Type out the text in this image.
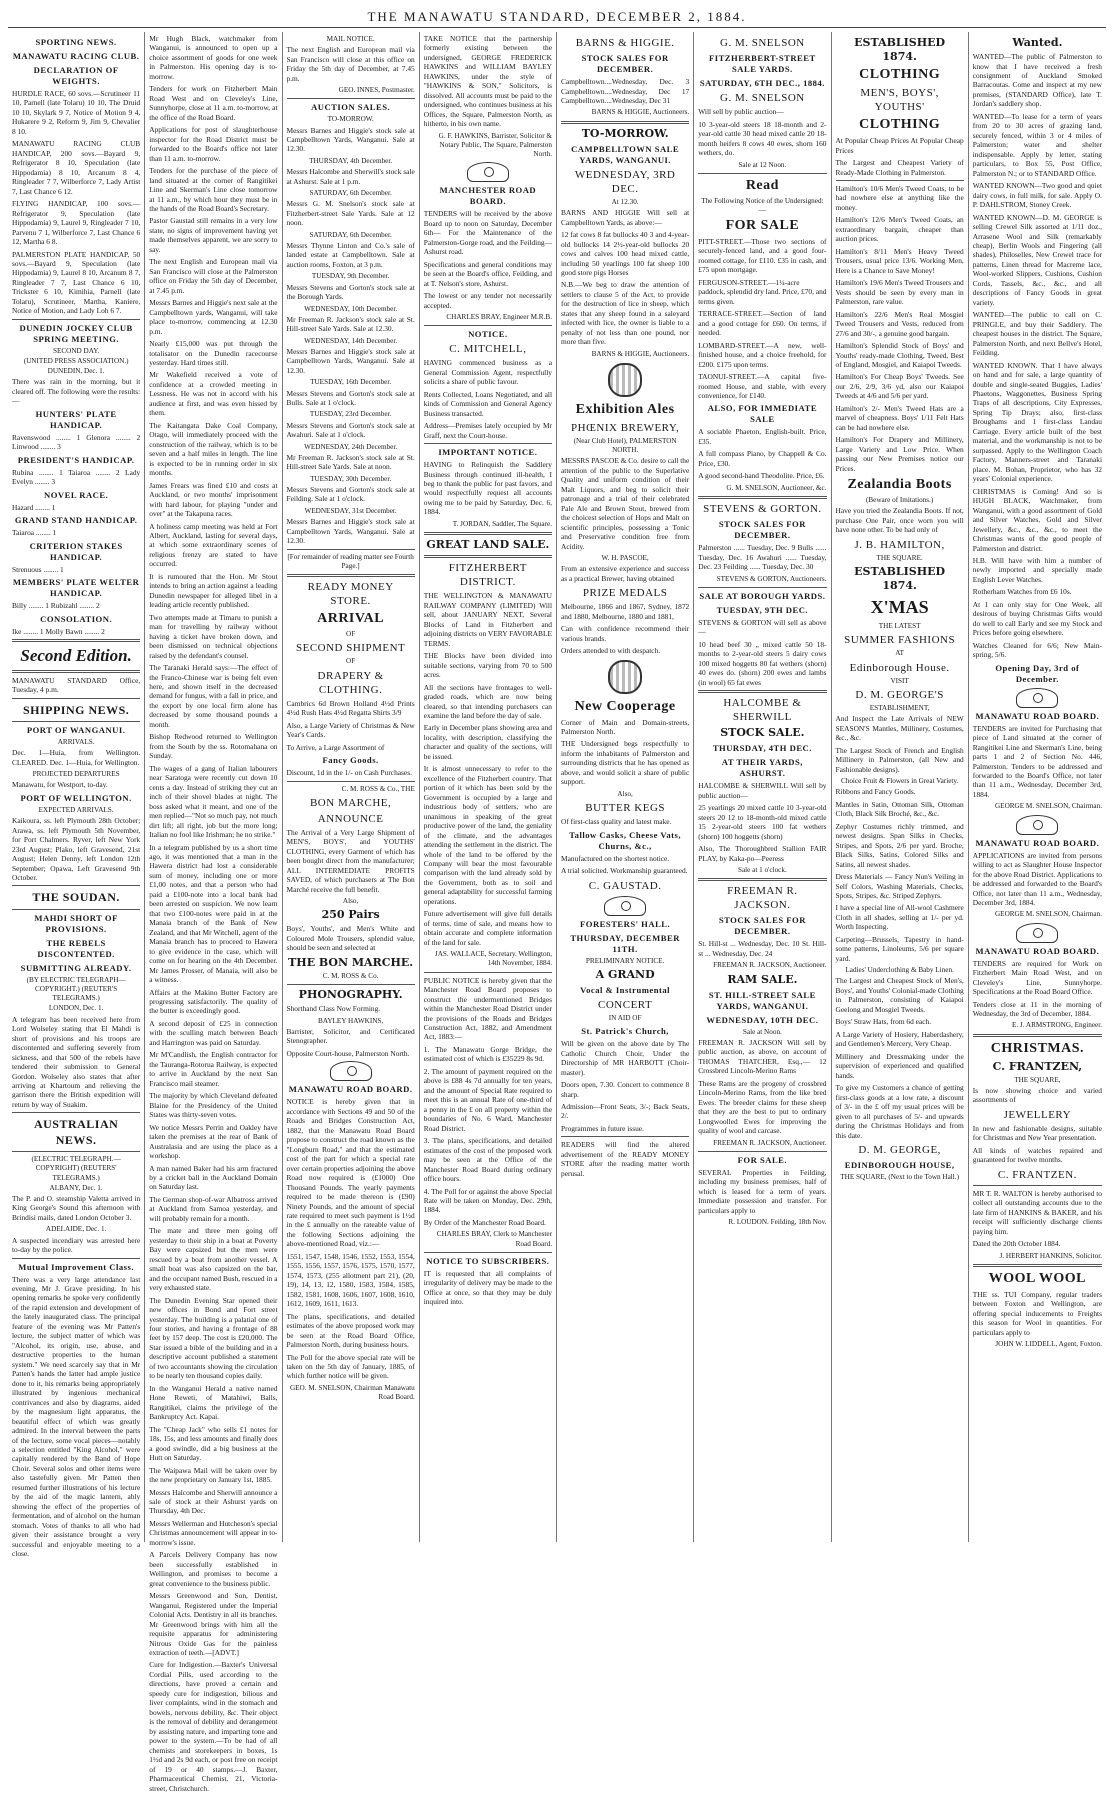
THE MANAWATU STANDARD, DECEMBER 2, 1884.
SPORTING NEWS.
MANAWATU RACING CLUB.
DECLARATION OF WEIGHTS.
HURDLE RACE, 60 sovs.—Scrutineer 11 10, Parnell (late Tolaru) 10 10, The Druid 10 10, Skylark 9 7, Notice of Motion 9 4, Hukarere 9 2, Reform 9, Jim 9, Chevalier 8 10.
MANAWATU RACING CLUB HANDICAP, 200 sovs.—Bayard 9, Refrigerator 8 10, Speculation (late Hippodamia) 8 10, Arcanum 8 4, Ringleader 7 7, Wilberforce 7, Lady Artist 7, Last Chance 6 12.
FLYING HANDICAP, 100 sovs.—Refrigerator 9, Speculation (late Hippodamia) 9, Laurel 9, Ringleader 7 10, Parvenu 7 1, Wilberforce 7, Last Chance 6 12, Martha 6 8.
PALMERSTON PLATE HANDICAP, 50 sovs.—Bayard 9, Speculation (late Hippodamia) 9, Laurel 8 10, Arcanum 8 7, Ringleader 7 7, Last Chance 6 10, Trickster 6 10, Kimihia, Parnell (late Tolaru), Scrutineer, Martha, Kaniere, Notice of Motion, and Lady Loh 6 7.
DUNEDIN JOCKEY CLUB SPRING MEETING.
SECOND DAY.
(UNITED PRESS ASSOCIATION.)
DUNEDIN, Dec. 1.
There was rain in the morning, but it cleared off. The following were the results:—
HUNTERS' PLATE HANDICAP.
Ravenswood ........ 1 Glenora ........ 2 Linwood ........ 3
PRESIDENT'S HANDICAP.
Rubina ........ 1 Taiaroa ........ 2 Lady Evelyn ........ 3
NOVEL RACE.
Hazard ........ 1
GRAND STAND HANDICAP.
Taiaroa ........ 1
CRITERION STAKES HANDICAP.
Strenuous ........ 1
MEMBERS' PLATE WELTER HANDICAP.
Billy ........ 1 Rubizahl ........ 2
CONSOLATION.
Ike ........ 1 Molly Bawn ........ 2
Second Edition.
MANAWATU STANDARD Office, Tuesday, 4 p.m.
SHIPPING NEWS.
PORT OF WANGANUI.
ARRIVALS.
Dec. 1—Huia, from Wellington. CLEARED. Dec. 1—Huia, for Wellington.
PROJECTED DEPARTURES
Manawatu, for Westport, to-day.
PORT OF WELLINGTON.
EXPECTED ARRIVALS.
Kaikoura, ss. left Plymouth 28th October; Arawa, ss. left Plymouth 5th November, for Port Chalmers. Ryver, left New York 23rd August; Plako, left Gravesend, 21st August; Helen Denny, left London 12th September; Opawa, Left Gravesend 9th October.
THE SOUDAN.
MAHDI SHORT OF PROVISIONS.
THE REBELS DISCONTENTED.
SUBMITTING ALREADY.
(BY ELECTRIC TELEGRAPH—COPYRIGHT.) (REUTER'S TELEGRAMS.)
LONDON, Dec. 1.
A telegram has been received here from Lord Wolseley stating that El Mahdi is short of provisions and his troops are discontented and suffering severely from sickness, and that 500 of the rebels have tendered their submission to General Gordon. Wolseley also states that after arriving at Khartoum and relieving the garrison there the British expedition will return by way of Suakim.
AUSTRALIAN NEWS.
(ELECTRIC TELEGRAPH.—COPYRIGHT) (REUTERS' TELEGRAMS.)
ALBANY, Dec. 1.
The P. and O. steamship Valetta arrived in King George's Sound this afternoon with Brindisi mails, dated London October 3.
ADELAIDE, Dec. 1.
A suspected incendiary was arrested here to-day by the police.
Mutual Improvement Class.
There was a very large attendance last evening, Mr J. Grave presiding. In his opening remarks he spoke very confidently of the rapid extension and development of the lately inaugurated class. The principal feature of the evening was Mr Patten's lecture, the subject matter of which was "Alcohol, its origin, use, abuse, and destructive properties to the human system." We need scarcely say that in Mr Patten's hands the latter had ample justice done to it, his remarks being appropriately illustrated by ingenious mechanical contrivances and also by diagrams, aided by the magnesium light apparatus, the beautiful effect of which was greatly admired. In the interval between the parts of the lecture, some vocal pieces—notably a selection entitled "King Alcohol," were capitally rendered by the Band of Hope Choir. Several solos and other items were also tastefully given. Mr Patten then resumed further illustrations of his lecture by the aid of the magic lantern, ably showing the effect of the properties of fermentation, and of alcohol on the human stomach. Votes of thanks to all who had given their assistance brought a very successful and enjoyable meeting to a close.
Mr Hugh Black, watchmaker from Wanganui, is announced to open up a choice assortment of goods for one week in Palmerston. His opening day is to-morrow.
Tenders for work on Fitzherbert Main Road West and on Cleveley's Line, Sunnyhorpe, close at 11 a.m. to-morrow, at the office of the Road Board.
Applications for post of slaughterhouse inspector for the Road District must be forwarded to the Board's office not later than 11 a.m. to-morrow.
Tenders for the purchase of the piece of land situated at the corner of Rangitikei Line and Skerman's Line close tomorrow at 11 a.m., by which hour they must be in the hands of the Road Board's Secretary.
Pastor Gaustad still remains in a very low state, no signs of improvement having yet made themselves apparent, we are sorry to say.
The next English and European mail via San Francisco will close at the Palmerston office on Friday the 5th day of December, at 7.45 p.m.
Messrs Barnes and Higgie's next sale at the Campbelltown yards, Wanganui, will take place to-morrow, commencing at 12.30 p.m.
Nearly £15,000 was put through the totalisator on the Dunedin racecourse yesterday. Hard times still.
Mr Wakefield received a vote of confidence at a crowded meeting in Lessness. He was not in accord with his audience at first, and was even hissed by them.
The Kaitangata Dake Coal Company, Otago, will immediately proceed with the construction of the railway, which is to be seven and a half miles in length. The line is expected to be in running order in six months.
James Frears was fined £10 and costs at Auckland, or two months' imprisonment with hard labour, for playing "under and over" at the Takapuna races.
A holiness camp meeting was held at Fort Albert, Auckland, lasting for several days, at which some extraordinary scenes of religious frenzy are stated to have occurred.
It is rumoured that the Hon. Mr Stout intends to bring an action against a leading Dunedin newspaper for alleged libel in a leading article recently published.
Two attempts made at Timaru to punish a man for travelling by railway without having a ticket have broken down, and been dismissed on technical objections raised by the defendant's counsel.
The Taranaki Herald says:—The effect of the Franco-Chinese war is being felt even here, and shown itself in the decreased demand for fungus, with a fall in price, and the export by one local firm alone has decreased by some thousand pounds a month.
Bishop Redwood returned to Wellington from the South by the ss. Rotomahana on Sunday.
The wages of a gang of Italian labourers near Saratoga were recently cut down 10 cents a day. Instead of striking they cut an inch of their shovel blades at night. The boss asked what it meant, and one of the men replied—"Not so much pay, not much dirt lift; all right, job but the more long; Italian no fool like Irishman; he no strike."
In a telegram published by us a short time ago, it was mentioned that a man in the Hawera district had lost a considerable sum of money, including one or more £1,00 notes, and that a person who had paid a £100-note into a local bank had been arrested on suspicion. We now learn that two £100-notes were paid in at the Manaia branch of the Bank of New Zealand, and that Mr Witchell, agent of the Manaia branch has to proceed to Hawera to give evidence in the case, which will come on for hearing on the 4th December. Mr James Prosser, of Manaia, will also be a witness.
Affairs at the Makino Butter Factory are progressing satisfactorily. The quality of the butter is exceedingly good.
A second deposit of £25 in connection with the sculling match between Beach and Harrington was paid on Saturday.
Mr M'Candlish, the English contractor for the Tauranga-Rotorua Railway, is expected to arrive in Auckland by the next San Francisco mail steamer.
The majority by which Cleveland defeated Blaine for the Presidency of the United States was thirty-seven votes.
We notice Messrs Perrin and Oakley have taken the premises at the rear of Bank of Australasia and are using the place as a workshop.
A man named Baker had his arm fractured by a cricket ball in the Auckland Domain on Saturday last.
The German shop-of-war Albatross arrived at Auckland from Samoa yesterday, and will probably remain for a month.
The mate and three men going off yesterday to their ship in a boat at Poverty Bay were capsized but the men were rescued by a boat from another vessel. A small boat was also capsized on the bar, and the occupant named Bush, rescued in a very exhausted state.
The Dunedin Evening Star opened their new offices in Bond and Fort street yesterday. The building is a palatial one of four stories, and having a frontage of 88 feet by 157 deep. The cost is £20,000. The Star issued a bible of the building and in a descriptive account published a statement of two accountants showing the circulation to be nearly ten thousand copies daily.
In the Wanganui Herald a native named Hone Reweti, of Matahiwi, Balls, Rangitikei, claims the privilege of the Bankruptcy Act. Kapai.
The "Cheap Jack" who sells £1 notes for 18s, 15s, and less amounts and finally does a good swindle, did a big business at the Hutt on Saturday.
The Waipawa Mail will be taken over by the new proprietary on January 1st, 1885.
Messrs Halcombe and Sherwill announce a sale of stock at their Ashurst yards on Thursday, 4th Dec.
Messrs Wellerman and Hutcheson's special Christmas announcement will appear in to-morrow's issue.
A Parcels Delivery Company has now been successfully established in Wellington, and promises to become a great convenience to the business public.
Messrs Greenwood and Son, Dentist, Wanganui, Registered under the Imperial Colonial Acts. Dentistry in all its branches. Mr Greenwood brings with him all the requisite apparatus for administering Nitrous Oxide Gas for the painless extraction of teeth.—[ADVT.]
Cure for Indigestion.—Baxter's Universal Cordial Pills, used according to the directions, have proved a certain and speedy cure for indigestion, bilious and liver complaints, wind in the stomach and bowels, nervous debility, &c. Their object is the removal of debility and derangement by assisting nature, and imparting tone and power to the system.—To be had of all chemists and storekeepers in boxes, 1s 1½d and 2s 9d each, or post free on receipt of 19 or 40 stamps.—J. Baxter, Pharmaceutical Chemist, 21, Victoria-street, Christchurch.
MAIL NOTICE.
The next English and European mail via San Francisco will close at this office on Friday the 5th day of December, at 7.45 p.m.
GEO. INNES, Postmaster.
AUCTION SALES.
TO-MORROW.
Messrs Barnes and Higgie's stock sale at Campbelltown Yards, Wanganui. Sale at 12.30.
THURSDAY, 4th December.
Messrs Halcombe and Sherwill's stock sale at Ashurst. Sale at 1 p.m.
SATURDAY, 6th December.
Messrs G. M. Snelson's stock sale at Fitzherbert-street Sale Yards. Sale at 12 noon.
SATURDAY, 6th December.
Messrs Thynne Linton and Co.'s sale of landed estate at Campbelltown. Sale at auction rooms, Foxton, at 3 p.m.
TUESDAY, 9th December.
Messrs Stevens and Gorton's stock sale at the Borough Yards.
WEDNESDAY, 10th December.
Mr Freeman R. Jackson's stock sale at St. Hill-street Sale Yards. Sale at 12.30.
WEDNESDAY, 14th December.
Messrs Barnes and Higgie's stock sale at Campbelltown Yards, Wanganui. Sale at 12.30.
TUESDAY, 16th December.
Messrs Stevens and Gorton's stock sale at Bulls. Sale at 1 o'clock.
TUESDAY, 23rd December.
Messrs Stevens and Gorton's stock sale at Awahuri. Sale at 1 o'clock.
WEDNESDAY, 24th December.
Mr Freeman R. Jackson's stock sale at St. Hill-street Sale Yards. Sale at noon.
TUESDAY, 30th December.
Messrs Stevens and Gorton's stock sale at Feilding. Sale at 1 o'clock.
WEDNESDAY, 31st December.
Messrs Barnes and Higgie's stock sale at Campbelltown Yards, Wanganui. Sale at 12.30.
[For remainder of reading matter see Fourth Page.]
READY MONEY STORE.
ARRIVAL
OF
SECOND SHIPMENT
OF
DRAPERY & CLOTHING.
Cambrics 6d Brown Holland 4½d Prints 4½d Rush Hats 4½d Regatta Shirts 3/9
Also, a Large Variety of Christmas & New Year's Cards.
To Arrive, a Large Assortment of
Fancy Goods.
Discount, 1d in the 1/- on Cash Purchases.
C. M. ROSS & Co., THE
BON MARCHE,
ANNOUNCE
The Arrival of a Very Large Shipment of MEN'S, BOYS', and YOUTHS' CLOTHING, every Garment of which has been bought direct from the manufacturer; ALL INTERMEDIATE PROFITS SAVED, of which purchasers at The Bon Marché receive the full benefit.
Also,
250 Pairs
Boys', Youths', and Men's White and Coloured Mole Trousers, splendid value, should be seen and selected at
THE BON MARCHE.
C. M. ROSS & Co.
PHONOGRAPHY.
Shorthand Class Now Forming.
BAYLEY HAWKINS,
Barrister, Solicitor, and Certificated Stenographer.
Opposite Court-house, Palmerston North.
MANAWATU ROAD BOARD.
NOTICE is hereby given that in accordance with Sections 49 and 50 of the Roads and Bridges Construction Act, 1882, that the Manawatu Road Board propose to construct the road known as the "Longburn Road," and that the estimated cost of the part for which a special rate over certain properties adjoining the above Road now required is (£1000) One Thousand Pounds. The yearly payments required to be made thereon is (£90) Ninety Pounds, and the amount of special rate required to meet such payment is 1½d in the £ annually on the rateable value of the following Sections adjoining the above-mentioned Road, viz.:—
1551, 1547, 1548, 1546, 1552, 1553, 1554, 1555, 1556, 1557, 1576, 1575, 1570, 1577, 1574, 1573, (255 allotment part 21), (20, 19), 14, 13, 12, 1580, 1583, 1584, 1585, 1582, 1581, 1608, 1606, 1607, 1608, 1610, 1612, 1609, 1611, 1613.
The plans, specifications, and detailed estimates of the above proposed work may be seen at the Road Board Office, Palmerston North, during business hours.
The Poll for the above special rate will be taken on the 5th day of January, 1885, of which further notice will be given.
GEO. M. SNELSON, Chairman Manawatu Road Board.
TAKE NOTICE that the partnership formerly existing between the undersigned, GEORGE FREDERICK HAWKINS and WILLIAM BAYLEY HAWKINS, under the style of "HAWKINS & SON," Solicitors, is dissolved. All accounts must be paid to the undersigned, who continues business at his Offices, the Square, Palmerston North, as hitherto, in his own name.
G. F. HAWKINS, Barrister, Solicitor & Notary Public, The Square, Palmerston North.
MANCHESTER ROAD BOARD.
TENDERS will be received by the above Board up to noon on Saturday, December 6th— For the Maintenance of the Palmerston-Gorge road, and the Feilding—Ashurst road.
Specifications and general conditions may be seen at the Board's office, Feilding, and at T. Nelson's store, Ashurst.
The lowest or any tender not necessarily accepted.
CHARLES BRAY, Engineer M.R.B.
NOTICE.
C. MITCHELL,
HAVING commenced business as a General Commission Agent, respectfully solicits a share of public favour.
Rents Collected, Loans Negotiated, and all kinds of Commission and General Agency Business transacted.
Address—Premises lately occupied by Mr Graff, next the Court-house.
IMPORTANT NOTICE.
HAVING to Relinquish the Saddlery Business through continued ill-health, I beg to thank the public for past favors, and would respectfully request all accounts owing me to be paid by Saturday, Dec. 6, 1884.
T. JORDAN, Saddler, The Square.
GREAT LAND SALE.
FITZHERBERT DISTRICT.
THE WELLINGTON & MANAWATU RAILWAY COMPANY (LIMITED) Will sell, about JANUARY NEXT, Several Blocks of Land in Fitzherbert and adjoining districts on VERY FAVORABLE TERMS.
THE Blocks have been divided into suitable sections, varying from 70 to 500 acres.
All the sections have frontages to well-graded roads, which are now being cleared, so that intending purchasers can examine the land before the day of sale.
Early in December plans showing area and locality, with description, classifying the character and quality of the sections, will be issued.
It is almost unnecessary to refer to the excellence of the Fitzherbert country. That portion of it which has been sold by the Government is occupied by a large and industrious body of settlers, who are unanimous in speaking of the great productive power of the land, the geniality of the climate, and the advantages attending the settlement in the district. The whole of the land to be offered by the Company will bear the most favourable comparison with the land already sold by the Government, both as to soil and general adaptability for successful farming operations.
Future advertisement will give full details of terms, time of sale, and means how to obtain accurate and complete information of the land for sale.
JAS. WALLACE, Secretary. Wellington, 14th November, 1884.
PUBLIC NOTICE is hereby given that the Manchester Road Board proposes to construct the undermentioned Bridges within the Manchester Road District under the provisions of the Roads and Bridges Construction Act, 1882, and Amendment Act, 1883:—
1. The Manawatu Gorge Bridge, the estimated cost of which is £35229 8s 9d.
2. The amount of payment required on the above is £88 4s 7d annually for ten years, and the amount of Special Rate required to meet this is an annual Rate of one-third of a penny in the £ on all property within the boundaries of No. 6 Ward, Manchester Road District.
3. The plans, specifications, and detailed estimates of the cost of the proposed work may be seen at the Office of the Manchester Road Board during ordinary office hours.
4. The Poll for or against the above Special Rate will be taken on Monday, Dec. 29th, 1884.
By Order of the Manchester Road Board.
CHARLES BRAY, Clerk to Manchester Road Board.
NOTICE TO SUBSCRIBERS.
IT is requested that all complaints of irregularity of delivery may be made to the Office at once, so that they may be duly inquired into.
BARNS & HIGGIE.
STOCK SALES FOR DECEMBER.
Campbelltown....Wednesday, Dec. 3 Campbelltown....Wednesday, Dec 17 Campbelltown....Wednesday, Dec 31
BARNS & HIGGIE, Auctioneers.
TO-MORROW.
CAMPBELLTOWN SALE YARDS, WANGANUI.
WEDNESDAY, 3RD DEC.
At 12.30.
BARNS AND HIGGIE Will sell at Campbelltown Yards, as above:—
12 fat cows 8 fat bullocks 40 3 and 4-year-old bullocks 14 2½-year-old bullocks 20 cows and calves 100 head mixed cattle, including 50 yearlings 100 fat sheep 100 good store pigs Horses
N.B.—We beg to draw the attention of settlers to clause 5 of the Act, to provide for the destruction of lice in sheep, which states that any sheep found in a saleyard infected with lice, the owner is liable to a penalty of not less than one pound, nor more than five.
BARNS & HIGGIE, Auctioneers.
Exhibition Ales
PHŒNIX BREWERY,
(Near Club Hotel), PALMERSTON NORTH.
MESSRS PASCOE & Co. desire to call the attention of the public to the Superlative Quality and uniform condition of their Malt Liquors, and beg to solicit their patronage and a trial of their celebrated Pale Ale and Brown Stout, brewed from the choicest selection of Hops and Malt on scientific principles, possessing a Tonic and Preservative condition free from Acidity.
W. H. PASCOE,
From an extensive experience and success as a practical Brewer, having obtained
PRIZE MEDALS
Melbourne, 1866 and 1867, Sydney, 1872 and 1880, Melbourne, 1880 and 1881,
Can with confidence recommend their various brands.
Orders attended to with despatch.
New Cooperage
Corner of Main and Domain-streets, Palmerston North.
THE Undersigned begs respectfully to inform the inhabitants of Palmerston and surrounding districts that he has opened as above, and would solicit a share of public support.
Also,
BUTTER KEGS
Of first-class quality and latest make.
Tallow Casks, Cheese Vats, Churns, &c.,
Manufactured on the shortest notice.
A trial solicited. Workmanship guaranteed.
C. GAUSTAD.
FORESTERS' HALL.
THURSDAY, DECEMBER 11TH.
PRELIMINARY NOTICE.
A GRAND
Vocal & Instrumental
CONCERT
IN AID OF
St. Patrick's Church,
Will be given on the above date by The Catholic Church Choir, Under the Directorship of MR HARBOTT (Choir-master).
Doors open, 7.30. Concert to commence 8 sharp.
Admission—Front Seats, 3/-; Back Seats, 2/.
Programmes in future issue.
READERS will find the altered advertisement of the READY MONEY STORE after the reading matter worth perusal.
G. M. SNELSON
FITZHERBERT-STREET SALE YARDS.
SATURDAY, 6TH DEC., 1884.
G. M. SNELSON
Will sell by public auction—
10 3-year-old steers 18 18-month and 2-year-old cattle 30 head mixed cattle 20 18-month heifers 8 cows 40 ewes, shorn 160 wethers, do.
Sale at 12 Noon.
Read
The Following Notice of the Undersigned:—
FOR SALE
PITT-STREET.—Those two sections of securely-fenced land, and a good four-roomed cottage, for £110. £35 in cash, and £75 upon mortgage.
FERGUSON-STREET.—1¼-acre paddock, splendid dry land. Price, £70, and terms given.
TERRACE-STREET.—Section of land and a good cottage for £60. On terms, if needed.
LOMBARD-STREET.—A new, well-finished house, and a choice freehold, for £200. £175 upon terms.
TAONUI-STREET.—A capital five-roomed House, and stable, with every convenience, for £140.
ALSO, FOR IMMEDIATE SALE
A sociable Phaeton, English-built. Price, £35.
A full compass Piano, by Chappell & Co. Price, £30.
A good second-hand Theodolite. Price, £6.
G. M. SNELSON, Auctioneer, &c.
STEVENS & GORTON.
STOCK SALES FOR DECEMBER.
Palmerston ...... Tuesday, Dec. 9 Bulls ...... Tuesday, Dec. 16 Awahuri ...... Tuesday, Dec. 23 Feilding ...... Tuesday, Dec. 30
STEVENS & GORTON, Auctioneers.
SALE AT BOROUGH YARDS.
TUESDAY, 9TH DEC.
STEVENS & GORTON will sell as above—
10 head beef 30 „ mixed cattle 50 18-months to 2-year-old steers 5 dairy cows 100 mixed hoggetts 80 fat wethers (shorn) 40 ewes do. (shorn) 200 ewes and lambs (in wool) 65 fat ewes
HALCOMBE & SHERWILL
STOCK SALE.
THURSDAY, 4TH DEC.
AT THEIR YARDS, ASHURST.
HALCOMBE & SHERWILL Will sell by public auction—
25 yearlings 20 mixed cattle 10 3-year-old steers 20 12 to 18-month-old mixed cattle 15 2-year-old steers 100 fat wethers (shorn) 100 hoggetts (shorn)
Also, The Thoroughbred Stallion FAIR PLAY, by Kaka-po—Peeress
Sale at 1 o'clock.
FREEMAN R. JACKSON.
STOCK SALES FOR DECEMBER.
St. Hill-st ... Wednesday, Dec. 10 St. Hill-st ... Wednesday, Dec. 24
FREEMAN R. JACKSON, Auctioneer.
RAM SALE.
ST. HILL-STREET SALE YARDS, WANGANUI.
WEDNESDAY, 10TH DEC.
Sale at Noon.
FREEMAN R. JACKSON Will sell by public auction, as above, on account of THOMAS THATCHER, Esq.,— 12 Crossbred Lincoln-Merino Rams
These Rams are the progeny of crossbred Lincoln-Merino Rams, from the like bred Ewes. The breeder claims for these sheep that they are the best to put to ordinary Longwoolled Ewes for improving the quality of wool and carcase.
FREEMAN R. JACKSON, Auctioneer.
FOR SALE.
SEVERAL Properties in Feilding, including my business premises, half of which is leased for a term of years. Immediate possession and transfer. For particulars apply to
R. LOUDON. Feilding, 18th Nov.
ESTABLISHED 1874.
CLOTHING
MEN'S, BOYS', YOUTHS'
CLOTHING
At Popular Cheap Prices At Popular Cheap Prices
The Largest and Cheapest Variety of Ready-Made Clothing in Palmerston.
Hamilton's 10/6 Men's Tweed Coats, to be had nowhere else at anything like the money.
Hamilton's 12/6 Men's Tweed Coats, an extraordinary bargain, cheaper than auction prices.
Hamilton's 8/11 Men's Heavy Tweed Trousers, usual price 13/6. Working Men, Here is a Chance to Save Money!
Hamilton's 19/6 Men's Tweed Trousers and Vests should be seen by every man in Palmerston, rare value.
Hamilton's 22/6 Men's Real Mosgiel Tweed Trousers and Vests, reduced from 27/6 and 30/-, a genuine good bargain.
Hamilton's Splendid Stock of Boys' and Youths' ready-made Clothing, Tweed, Best of England, Mosgiel, and Kaiapoi Tweeds.
Hamilton's For Cheap Boys' Tweeds. See our 2/6, 2/9, 3/6 yd, also our Kaiapoi Tweeds at 4/6 and 5/6 per yard.
Hamilton's 2/- Men's Tweed Hats are a marvel of cheapness. Boys' 1/11 Felt Hats can be had nowhere else.
Hamilton's For Drapery and Millinery, Large Variety and Low Price. When passing our New Premises notice our Prices.
Zealandia Boots
(Beware of Imitations.)
Have you tried the Zealandia Boots. If not, purchase One Pair, once worn you will have none other. To be had only of
J. B. HAMILTON,
THE SQUARE.
ESTABLISHED 1874.
X'MAS
THE LATEST
SUMMER FASHIONS
AT
Edinborough House.
VISIT
D. M. GEORGE'S
ESTABLISHMENT,
And Inspect the Late Arrivals of NEW SEASON'S Mantles, Millinery, Costumes, &c., &c.
The Largest Stock of French and English Millinery in Palmerston, (all New and Fashionable designs).
Choice Fruit & Flowers in Great Variety.
Ribbons and Fancy Goods.
Mantles in Satin, Ottoman Silk, Ottoman Cloth, Black Silk Broché, &c., &c.
Zephyr Costumes richly trimmed, and newest designs. Span Silks in Checks, Stripes, and Spots, 2/6 per yard. Broche, Black Silks, Satins, Colored Silks and Satins, all newest shades.
Dress Materials — Fancy Nun's Veiling in Self Colors, Washing Materials, Checks, Spots, Stripes, &c. Striped Zephyrs.
I have a special line of All-wool Cashmere Cloth in all shades, selling at 1/- per yd. Worth Inspecting.
Carpeting—Brussels, Tapestry in hand-some patterns, Linoleums, 5/6 per square yard.
Ladies' Underclothing & Baby Linen.
The Largest and Cheapest Stock of Men's, Boys', and Youths' Colonial-made Clothing in Palmerston, consisting of Kaiapoi Geelong and Mosgiel Tweeds.
Boys' Straw Hats, from 6d each.
A Large Variety of Hosiery, Haberdashery, and Gentlemen's Mercery, Very Cheap.
Millinery and Dressmaking under the supervision of experienced and qualified hands.
To give my Customers a chance of getting first-class goods at a low rate, a discount of 3/- in the £ off my usual prices will be given to all purchases of 5/- and upwards during the Christmas Holidays and from this date.
D. M. GEORGE,
EDINBOROUGH HOUSE,
THE SQUARE, (Next to the Town Hall.)
Wanted.
WANTED—The public of Palmerston to know that I have received a fresh consignment of Auckland Smoked Barracoutas. Come and inspect at my new premises, (STANDARD Office), late T. Jordan's saddlery shop.
WANTED—To lease for a term of years from 20 to 30 acres of grazing land, securely fenced, within 3 or 4 miles of Palmerston; water and shelter indispensable. Apply by letter, stating particulars, to Box 55, Post Office, Palmerston N.; or to STANDARD Office.
WANTED KNOWN—Two good and quiet dairy cows, in full milk, for sale. Apply O. P. DAHLSTROM, Stoney Creek.
WANTED KNOWN—D. M. GEORGE is selling Crewel Silk assorted at 1/11 doz., Arrasene Wool and Silk (remarkably cheap), Berlin Wools and Fingering (all shades), Philoselles, New Crewel trace for patterns, Linen thread for Macreme lace, Wool-worked Slippers, Cushions, Cushion Cords, Tassels, &c., &c., and all descriptions of Fancy Goods in great variety.
WANTED—The public to call on C. PRINGLE, and buy their Saddlery. The cheapest houses in the district. The Square, Palmerston North, and next Bellve's Hotel, Feilding.
WANTED KNOWN. That I have always on hand and for sale, a large quantity of double and single-seated Buggies, Ladies' Phaetons, Waggonettes, Business Spring Traps of all descriptions, City Expresses, Spring Tip Drays; also, first-class Broughams and 1 first-class Landau Carriage. Every article built of the best material, and the workmanship is not to be surpassed. Apply to the Wellington Coach Factory, Manners-street and Taranaki place. M. Bohan, Proprietor, who has 32 years' Colonial experience.
CHRISTMAS is Coming! And so is HUGH BLACK, Watchmaker, from Wanganui, with a good assortment of Gold and Silver Watches, Gold and Silver Jewellery, &c., &c., &c., to meet the Christmas wants of the good people of Palmerston and district.
H.B. Will have with him a number of newly imported and specially made English Lever Watches.
Rotherham Watches from £6 10s.
At 1 can only stay for One Week, all desirous of buying Christmas Gifts would do well to call Early and see my Stock and Prices before going elsewhere.
Watches Cleaned for 6/6; New Main-spring, 5/6.
Opening Day, 3rd of December.
MANAWATU ROAD BOARD.
TENDERS are invited for Purchasing that piece of Land situated at the corner of Rangitikei Line and Skerman's Line, being parts 1 and 2 of Section No. 446, Palmerston. Tenders to be addressed and forwarded to the Board's Office, not later than 11 a.m., Wednesday, December 3rd, 1884.
GEORGE M. SNELSON, Chairman.
MANAWATU ROAD BOARD.
APPLICATIONS are invited from persons willing to act as Slaughter House Inspector for the above Road District. Applications to be addressed and forwarded to the Board's Office, not later than 11 a.m., Wednesday, December 3rd, 1884.
GEORGE M. SNELSON, Chairman.
MANAWATU ROAD BOARD.
TENDERS are required for Work on Fitzherbert Main Road West, and on Cleveley's Line, Sunnyhorpe. Specifications at the Road Board Office.
Tenders close at 11 in the morning of Wednesday, the 3rd of December, 1884.
E. J. ARMSTRONG, Engineer.
CHRISTMAS.
C. FRANTZEN,
THE SQUARE,
Is now showing choice and varied assortments of
JEWELLERY
In new and fashionable designs, suitable for Christmas and New Year presentation.
All kinds of watches repaired and guaranteed for twelve months.
C. FRANTZEN.
MR T. R. WALTON is hereby authorised to collect all outstanding accounts due to the late firm of HANKINS & BAKER, and his receipt will sufficiently discharge clients paying him.
Dated the 20th October 1884.
J. HERBERT HANKINS, Solicitor.
WOOL WOOL
THE ss. TUI Company, regular traders between Foxton and Wellington, are offering special inducements to Freights this season for Wool in quantities. For particulars apply to
JOHN W. LIDDELL, Agent, Foxton.
